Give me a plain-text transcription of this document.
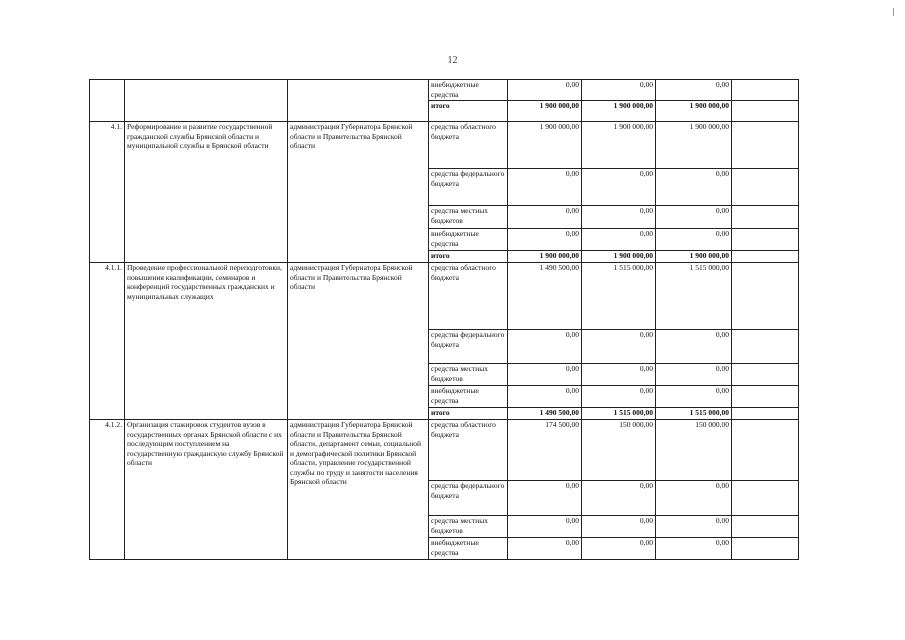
12
			внебюджетные средства	0,00	0,00	0,00	
			итого	1 900 000,00	1 900 000,00	1 900 000,00	
4.1.	Реформирование и развитие государственной гражданской службы Брянской области и муниципальной службы в Брянской области	администрация Губернатора Брянской области и Правительства Брянской области	средства областного бюджета	1 900 000,00	1 900 000,00	1 900 000,00	
			средства федерального бюджета	0,00	0,00	0,00	
			средства местных бюджетов	0,00	0,00	0,00	
			внебюджетные средства	0,00	0,00	0,00	
			итого	1 900 000,00	1 900 000,00	1 900 000,00	
4.1.1.	Проведение профессиональной переподготовки, повышения квалификации, семинаров и конференций государственных гражданских и муниципальных служащих	администрация Губернатора Брянской области и Правительства Брянской области	средства областного бюджета	1 490 500,00	1 515 000,00	1 515 000,00	
			средства федерального бюджета	0,00	0,00	0,00	
			средства местных бюджетов	0,00	0,00	0,00	
			внебюджетные средства	0,00	0,00	0,00	
			итого	1 490 500,00	1 515 000,00	1 515 000,00	
4.1.2.	Организация стажировок студентов вузов в государственных органах Брянской области с их последующим поступлением на государственную гражданскую службу Брянской области	администрация Губернатора Брянской области и Правительства Брянской области, департамент семьи, социальной и демографической политики Брянской области, управление государственной службы по труду и занятости населения Брянской области	средства областного бюджета	174 500,00	150 000,00	150 000,00	
			средства федерального бюджета	0,00	0,00	0,00	
			средства местных бюджетов	0,00	0,00	0,00	
			внебюджетные средства	0,00	0,00	0,00	
